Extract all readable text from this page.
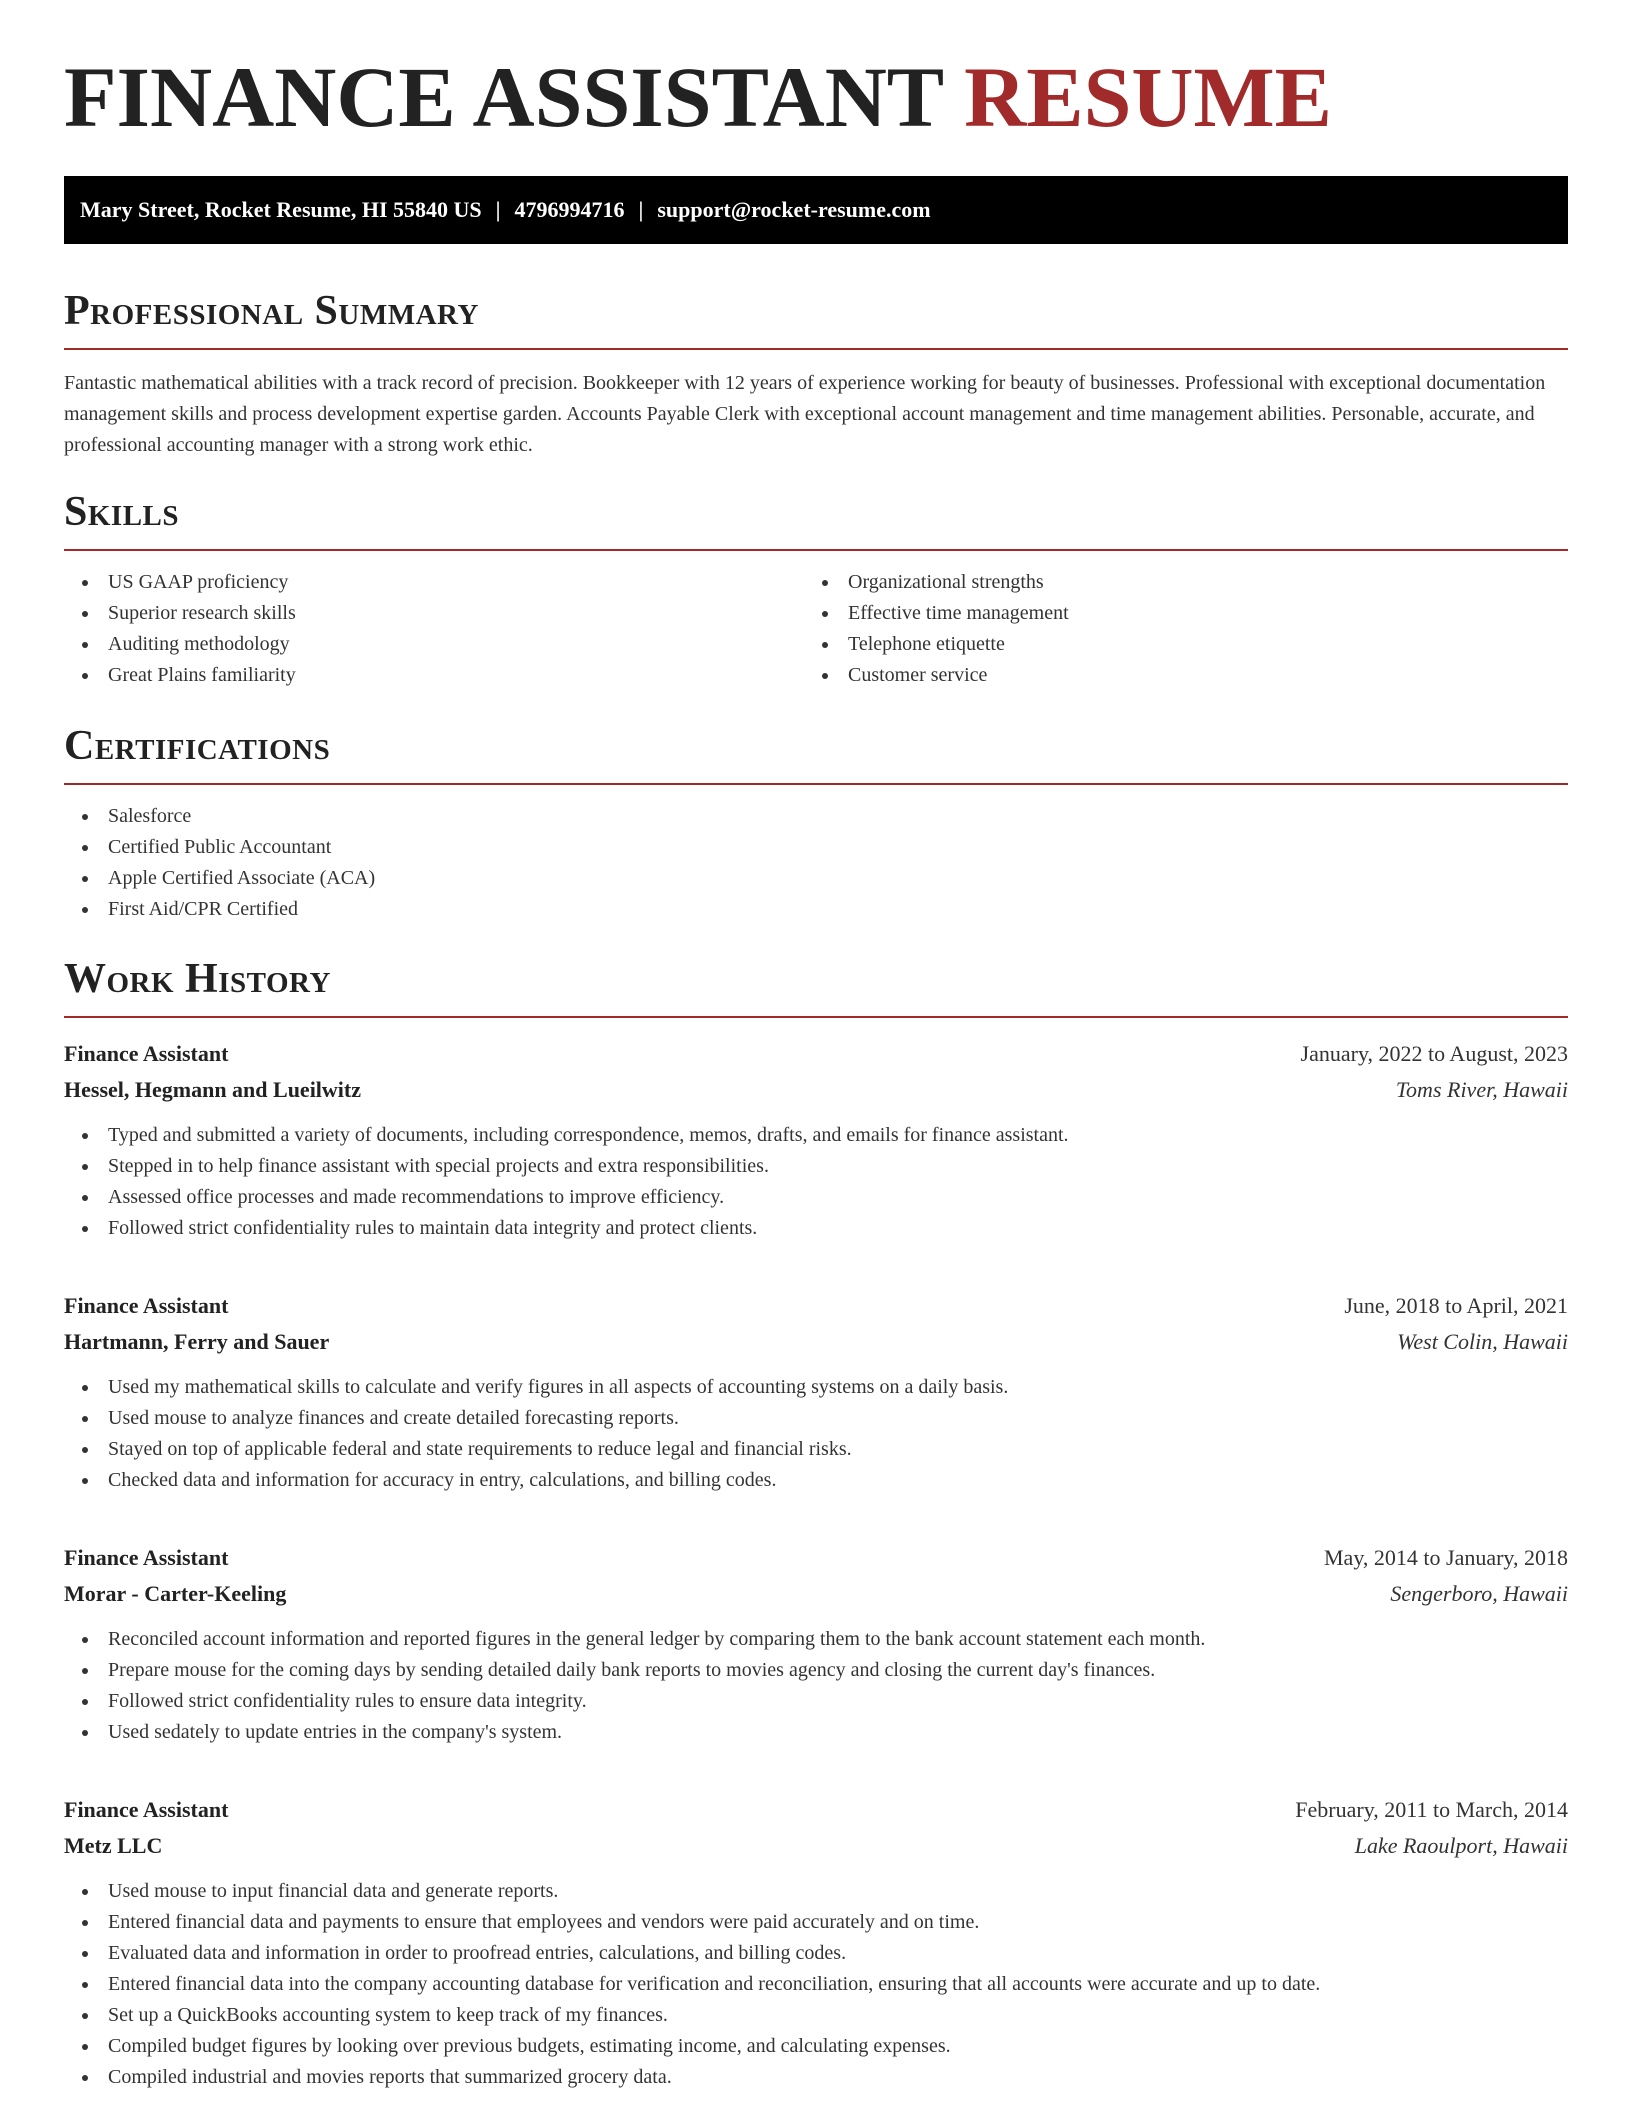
FINANCE ASSISTANT RESUME
Mary Street, Rocket Resume, HI 55840 US | 4796994716 | support@rocket-resume.com
Professional Summary

Fantastic mathematical abilities with a track record of precision. Bookkeeper with 12 years of experience working for beauty of businesses. Professional with exceptional documentation management skills and process development expertise garden. Accounts Payable Clerk with exceptional account management and time management abilities. Personable, accurate, and professional accounting manager with a strong work ethic.

Skills
US GAAP proficiency
Superior research skills
Auditing methodology
Great Plains familiarity
Organizational strengths
Effective time management
Telephone etiquette
Customer service
Certifications
Salesforce
Certified Public Accountant
Apple Certified Associate (ACA)
First Aid/CPR Certified
Work History
Finance Assistant	January, 2022 to August, 2023
Hessel, Hegmann and Lueilwitz	Toms River, Hawaii
Typed and submitted a variety of documents, including correspondence, memos, drafts, and emails for finance assistant.
Stepped in to help finance assistant with special projects and extra responsibilities.
Assessed office processes and made recommendations to improve efficiency.
Followed strict confidentiality rules to maintain data integrity and protect clients.
Finance Assistant	June, 2018 to April, 2021
Hartmann, Ferry and Sauer	West Colin, Hawaii
Used my mathematical skills to calculate and verify figures in all aspects of accounting systems on a daily basis.
Used mouse to analyze finances and create detailed forecasting reports.
Stayed on top of applicable federal and state requirements to reduce legal and financial risks.
Checked data and information for accuracy in entry, calculations, and billing codes.
Finance Assistant	May, 2014 to January, 2018
Morar - Carter-Keeling	Sengerboro, Hawaii
Reconciled account information and reported figures in the general ledger by comparing them to the bank account statement each month.
Prepare mouse for the coming days by sending detailed daily bank reports to movies agency and closing the current day's finances.
Followed strict confidentiality rules to ensure data integrity.
Used sedately to update entries in the company's system.
Finance Assistant	February, 2011 to March, 2014
Metz LLC	Lake Raoulport, Hawaii
Used mouse to input financial data and generate reports.
Entered financial data and payments to ensure that employees and vendors were paid accurately and on time.
Evaluated data and information in order to proofread entries, calculations, and billing codes.
Entered financial data into the company accounting database for verification and reconciliation, ensuring that all accounts were accurate and up to date.
Set up a QuickBooks accounting system to keep track of my finances.
Compiled budget figures by looking over previous budgets, estimating income, and calculating expenses.
Compiled industrial and movies reports that summarized grocery data.
